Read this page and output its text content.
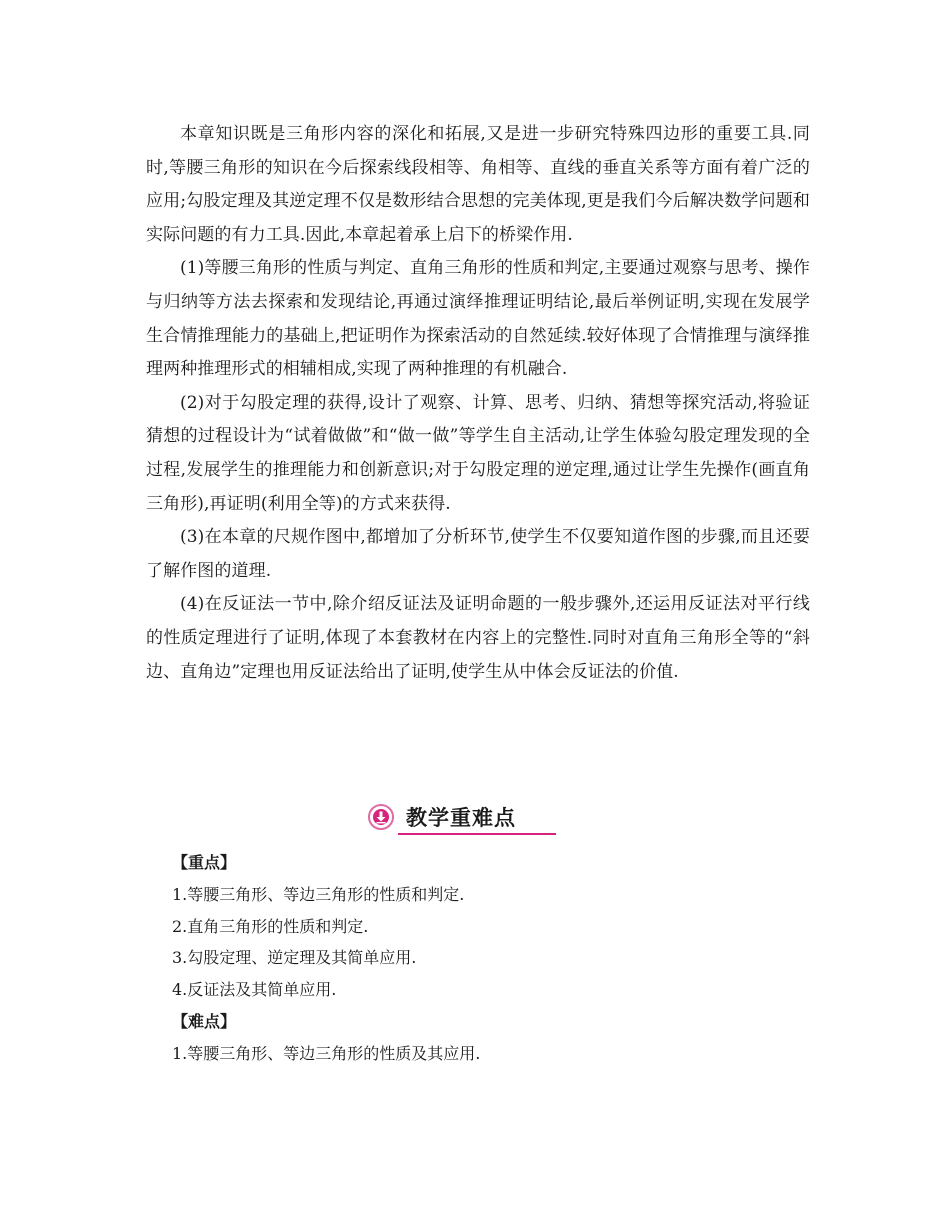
本章知识既是三角形内容的深化和拓展,又是进一步研究特殊四边形的重要工具.同时,等腰三角形的知识在今后探索线段相等、角相等、直线的垂直关系等方面有着广泛的应用;勾股定理及其逆定理不仅是数形结合思想的完美体现,更是我们今后解决数学问题和实际问题的有力工具.因此,本章起着承上启下的桥梁作用.

(1)等腰三角形的性质与判定、直角三角形的性质和判定,主要通过观察与思考、操作与归纳等方法去探索和发现结论,再通过演绎推理证明结论,最后举例证明,实现在发展学生合情推理能力的基础上,把证明作为探索活动的自然延续.较好体现了合情推理与演绎推理两种推理形式的相辅相成,实现了两种推理的有机融合.

(2)对于勾股定理的获得,设计了观察、计算、思考、归纳、猜想等探究活动,将验证猜想的过程设计为“试着做做”和“做一做”等学生自主活动,让学生体验勾股定理发现的全过程,发展学生的推理能力和创新意识;对于勾股定理的逆定理,通过让学生先操作(画直角三角形),再证明(利用全等)的方式来获得.

(3)在本章的尺规作图中,都增加了分析环节,使学生不仅要知道作图的步骤,而且还要了解作图的道理.

(4)在反证法一节中,除介绍反证法及证明命题的一般步骤外,还运用反证法对平行线的性质定理进行了证明,体现了本套教材在内容上的完整性.同时对直角三角形全等的“斜边、直角边”定理也用反证法给出了证明,使学生从中体会反证法的价值.

教学重难点

【重点】

1.等腰三角形、等边三角形的性质和判定.

2.直角三角形的性质和判定.

3.勾股定理、逆定理及其简单应用.

4.反证法及其简单应用.

【难点】

1.等腰三角形、等边三角形的性质及其应用.
